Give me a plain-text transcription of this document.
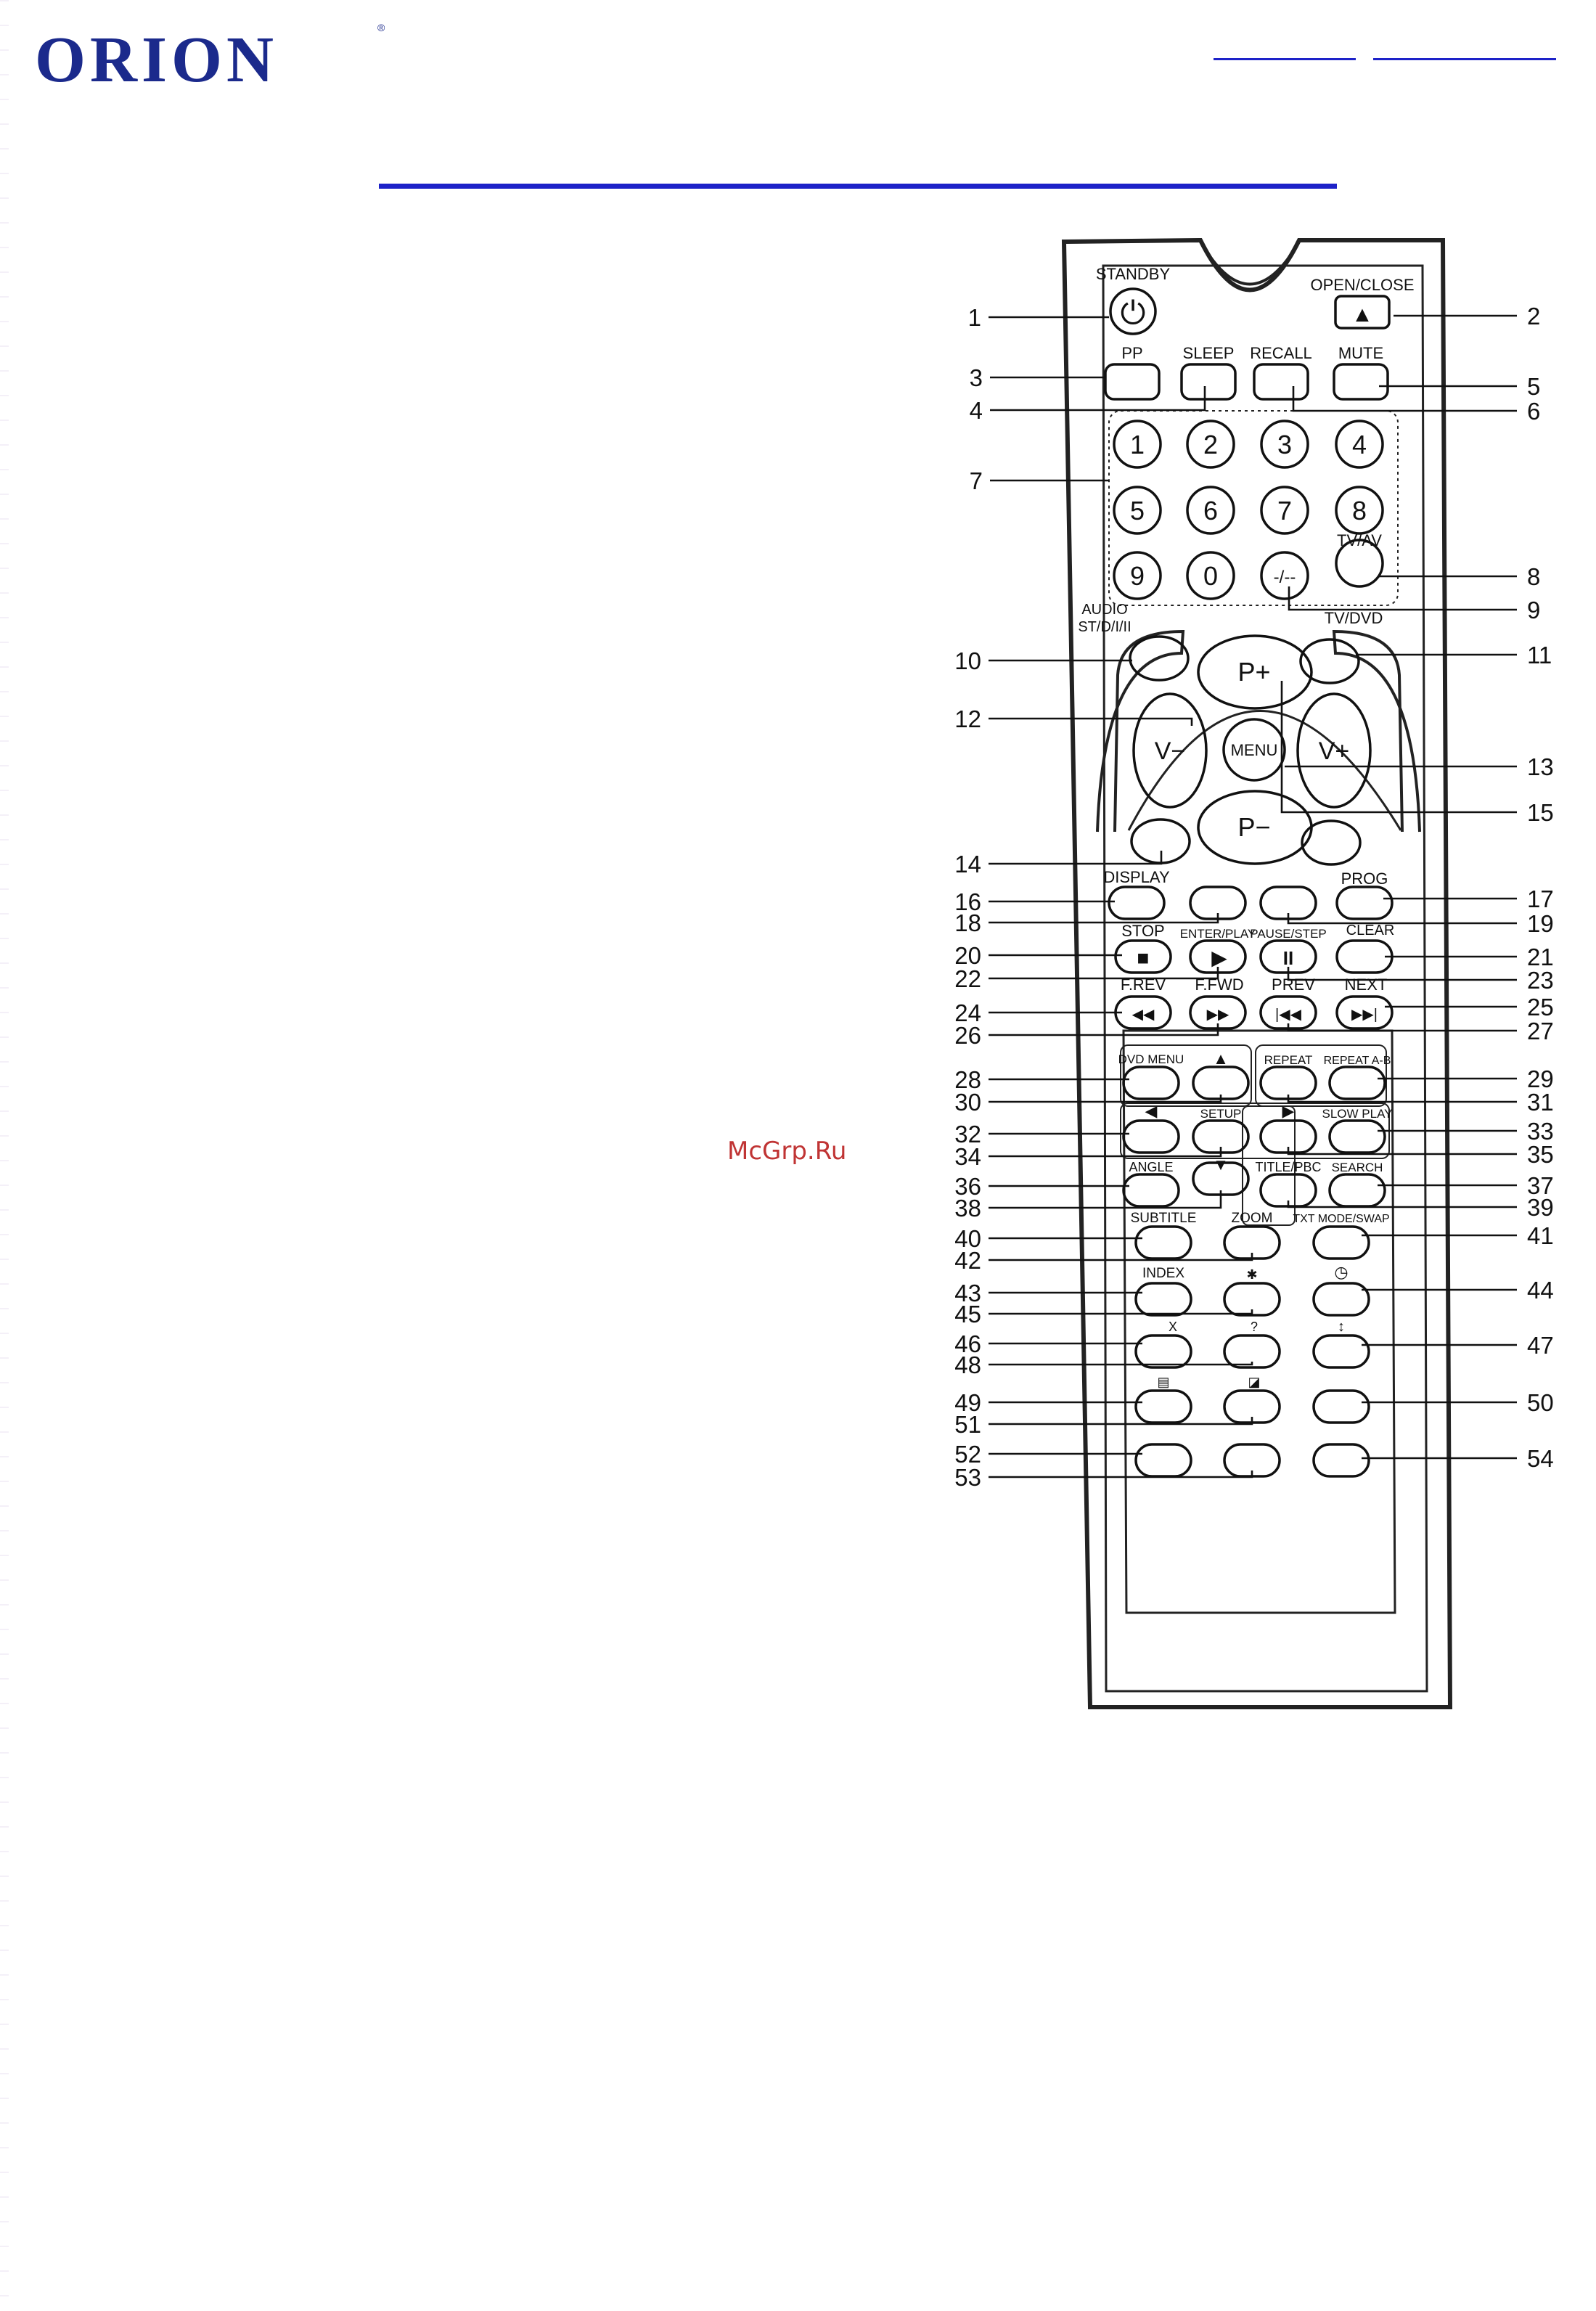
ORION	®
McGrp.Ru
⏻
STANDBY
▲
OPEN/CLOSE
PP SLEEP RECALL MUTE
1 2 3 4
5 6 7 8
9 0	-/--
TV/AV
AUDIO
ST/D/I/II	TV/DVD
P+
P−
V−	V+
MENU
DISPLAY	PROG
■
STOP
▶
ENTER/PLAY
II
PAUSE/STEP CLEAR
◀◀
F.REV
▶▶
F.FWD
|◀◀
PREV
▶▶|
NEXT
DVD MENU ▲	REPEAT REPEAT A-B
◀	SETUP	▶ SLOW PLAY
ANGLE ▼ TITLE/PBC SEARCH
SUBTITLE	ZOOM TXT MODE/SWAP
INDEX	✱	◷
X	?	↕
▤	◪
1	2
3
4
5
6
7
8
9
10	11
12
13
14
15
16	17
18	19
20	21
22	23
24	25
26	27
28	29
30	31
32	33
34	35
36	37
38	39
40	41
42
43	44
45
46	47
48
49	50
51
52
53
54
